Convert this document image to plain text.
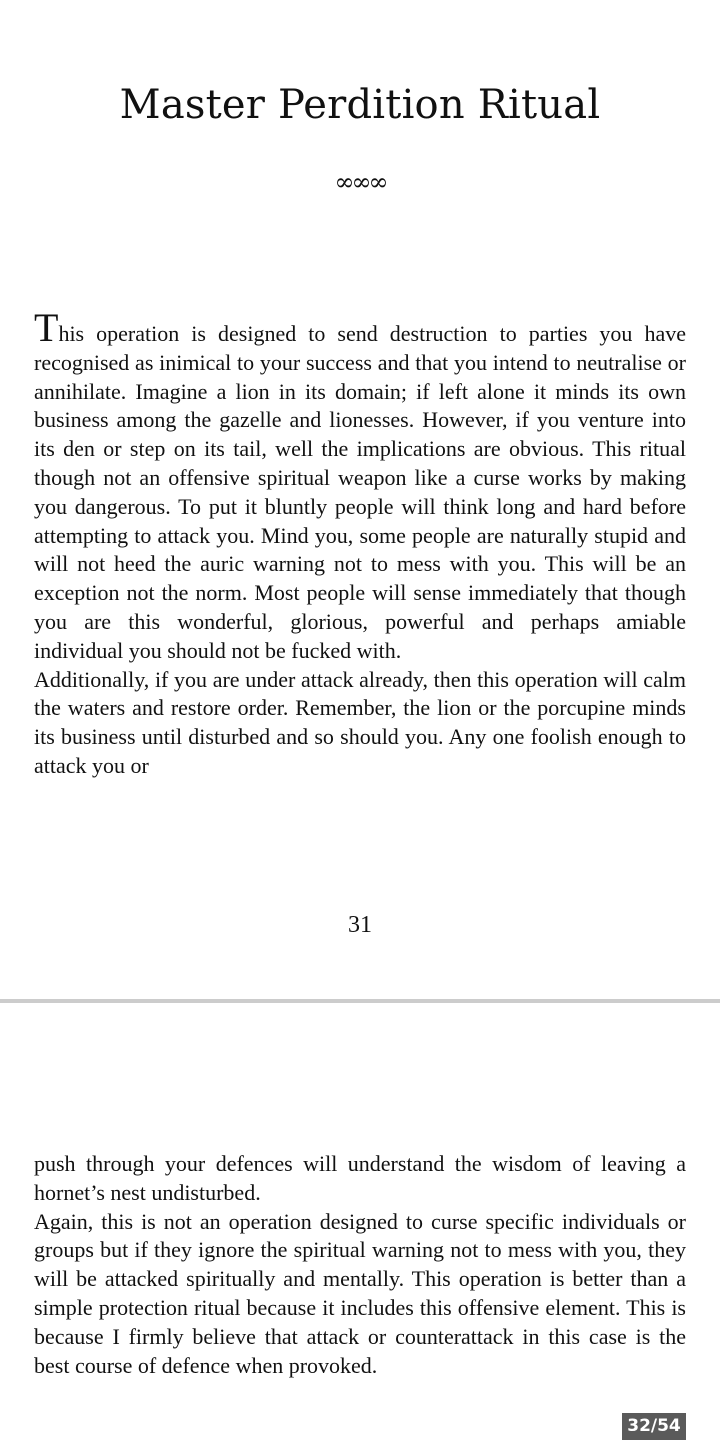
Master Perdition Ritual
∞∞∞

This operation is designed to send destruction to parties you have recognised as inimical to your success and that you intend to neutralise or annihilate. Imagine a lion in its domain; if left alone it minds its own business among the gazelle and lionesses. However, if you venture into its den or step on its tail, well the implications are obvious. This ritual though not an offensive spiritual weapon like a curse works by making you dangerous. To put it bluntly people will think long and hard before attempting to attack you. Mind you, some people are naturally stupid and will not heed the auric warning not to mess with you. This will be an exception not the norm. Most people will sense immediately that though you are this wonderful, glorious, powerful and perhaps amiable individual you should not be fucked with.

Additionally, if you are under attack already, then this operation will calm the waters and restore order. Remember, the lion or the porcupine minds its business until disturbed and so should you. Any one foolish enough to attack you or

31

push through your defences will understand the wisdom of leaving a hornet’s nest undisturbed.

Again, this is not an operation designed to curse specific individuals or groups but if they ignore the spiritual warning not to mess with you, they will be attacked spiritually and mentally. This operation is better than a simple protection ritual because it includes this offensive element. This is because I firmly believe that attack or counterattack in this case is the best course of defence when provoked.

32/54
